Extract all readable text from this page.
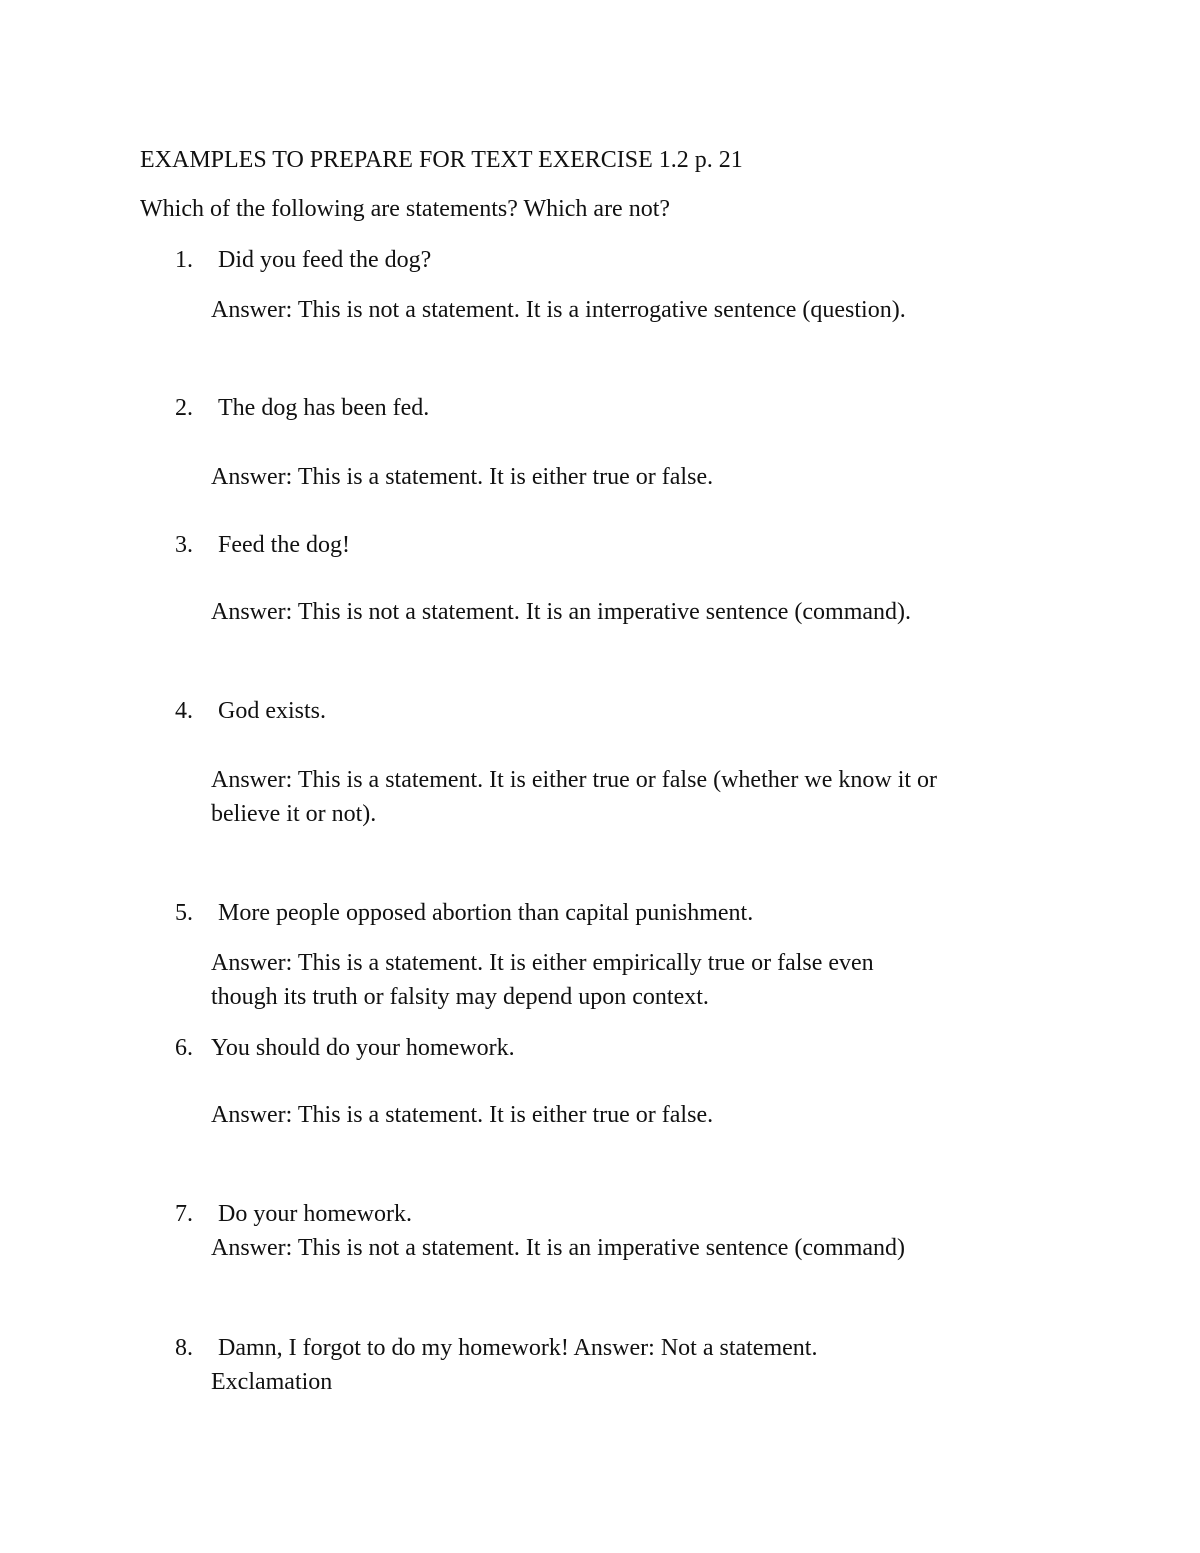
EXAMPLES TO PREPARE FOR TEXT EXERCISE 1.2 p. 21
Which of the following are statements? Which are not?
1. Did you feed the dog?
Answer: This is not a statement. It is a interrogative sentence (question).
2. The dog has been fed.
Answer: This is a statement. It is either true or false.
3. Feed the dog!
Answer: This is not a statement. It is an imperative sentence (command).
4. God exists.
Answer: This is a statement. It is either true or false (whether we know it or
believe it or not).
5. More people opposed abortion than capital punishment.
Answer: This is a statement. It is either empirically true or false even
though its truth or falsity may depend upon context.
6. You should do your homework.
Answer: This is a statement. It is either true or false.
7. Do your homework.
Answer: This is not a statement. It is an imperative sentence (command)
8. Damn, I forgot to do my homework! Answer: Not a statement.
Exclamation
